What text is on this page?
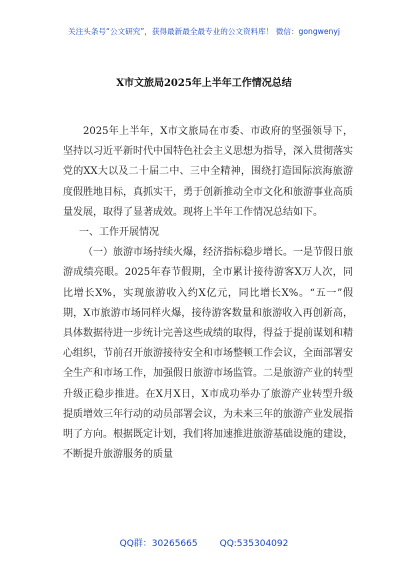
关注头条号“公文研究”，获得最新最全最专业的公文资料库！ 微信：gongwenyj
X市文旅局2025年上半年工作情况总结

2025年上半年，X市文旅局在市委、市政府的坚强领导下，坚持以习近平新时代中国特色社会主义思想为指导，深入贯彻落实党的XX大以及二十届二中、三中全精神，围绕打造国际滨海旅游度假胜地目标，真抓实干，勇于创新推动全市文化和旅游事业高质量发展，取得了显著成效。现将上半年工作情况总结如下。

一、工作开展情况

（一）旅游市场持续火爆，经济指标稳步增长。一是节假日旅游成绩亮眼。2025年春节假期，全市累计接待游客X万人次，同比增长X%，实现旅游收入约X亿元，同比增长X%。“五一”假期，X市旅游市场同样火爆，接待游客数量和旅游收入再创新高，具体数据待进一步统计完善这些成绩的取得，得益于提前谋划和精心组织，节前召开旅游接待安全和市场整顿工作会议，全面部署安全生产和市场工作，加强假日旅游市场监管。二是旅游产业的转型升级正稳步推进。在X月X日，X市成功举办了旅游产业转型升级提质增效三年行动的动员部署会议，为未来三年的旅游产业发展指明了方向。根据既定计划，我们将加速推进旅游基础设施的建设，不断提升旅游服务的质量

QQ群：30265665 QQ:535304092
